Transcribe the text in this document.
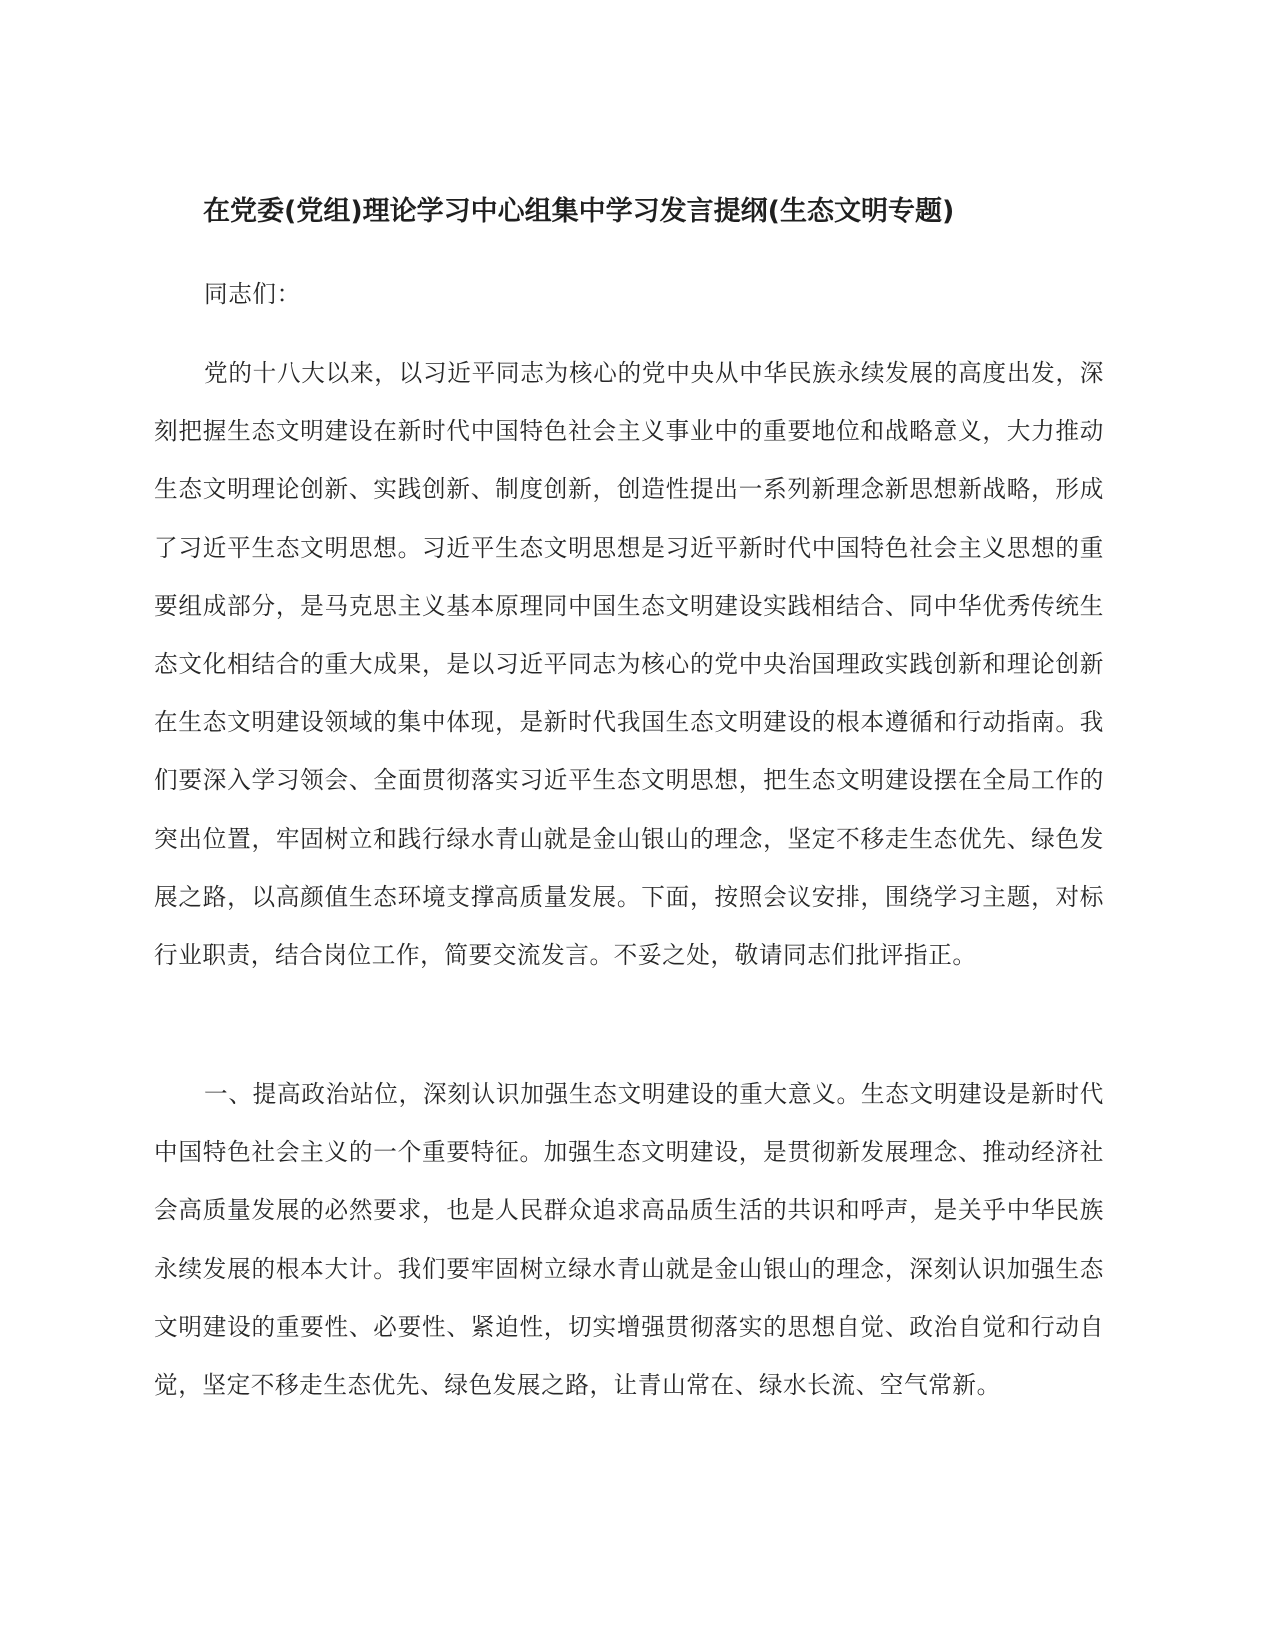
在党委(党组)理论学习中心组集中学习发言提纲(生态文明专题)

同志们：

党的十八大以来，以习近平同志为核心的党中央从中华民族永续发展的高度出发，深刻把握生态文明建设在新时代中国特色社会主义事业中的重要地位和战略意义，大力推动生态文明理论创新、实践创新、制度创新，创造性提出一系列新理念新思想新战略，形成了习近平生态文明思想。习近平生态文明思想是习近平新时代中国特色社会主义思想的重要组成部分，是马克思主义基本原理同中国生态文明建设实践相结合、同中华优秀传统生态文化相结合的重大成果，是以习近平同志为核心的党中央治国理政实践创新和理论创新在生态文明建设领域的集中体现，是新时代我国生态文明建设的根本遵循和行动指南。我们要深入学习领会、全面贯彻落实习近平生态文明思想，把生态文明建设摆在全局工作的突出位置，牢固树立和践行绿水青山就是金山银山的理念，坚定不移走生态优先、绿色发展之路，以高颜值生态环境支撑高质量发展。下面，按照会议安排，围绕学习主题，对标行业职责，结合岗位工作，简要交流发言。不妥之处，敬请同志们批评指正。

一、提高政治站位，深刻认识加强生态文明建设的重大意义。生态文明建设是新时代中国特色社会主义的一个重要特征。加强生态文明建设，是贯彻新发展理念、推动经济社会高质量发展的必然要求，也是人民群众追求高品质生活的共识和呼声，是关乎中华民族永续发展的根本大计。我们要牢固树立绿水青山就是金山银山的理念，深刻认识加强生态文明建设的重要性、必要性、紧迫性，切实增强贯彻落实的思想自觉、政治自觉和行动自觉，坚定不移走生态优先、绿色发展之路，让青山常在、绿水长流、空气常新。
